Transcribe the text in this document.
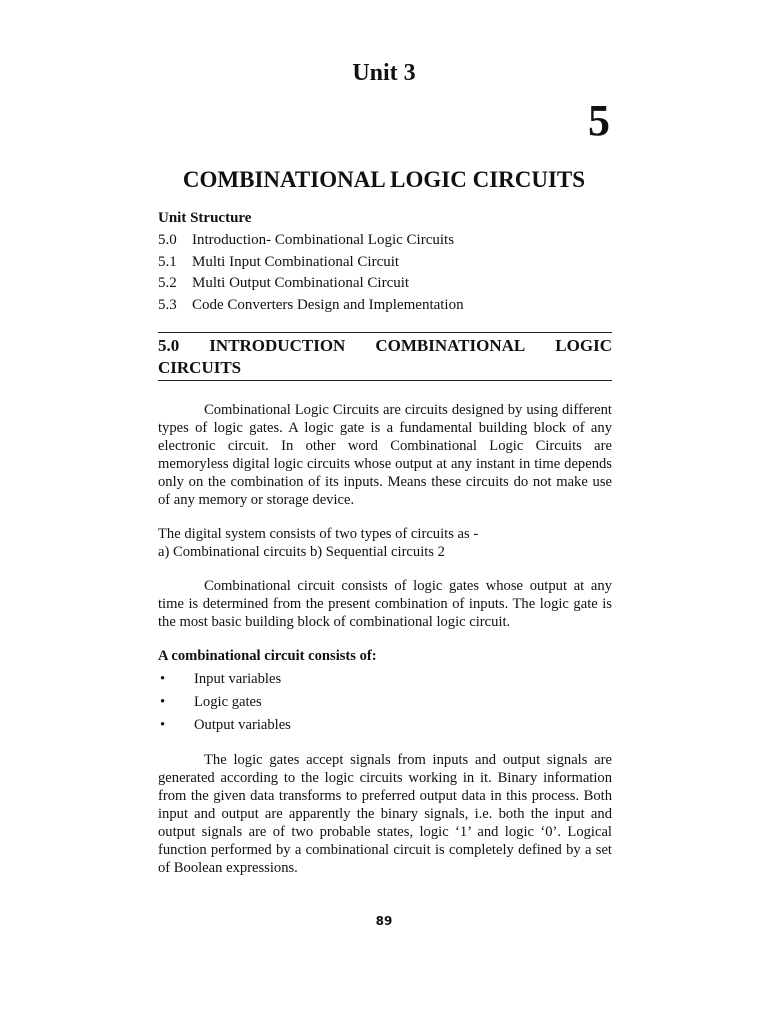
Unit 3
5
COMBINATIONAL LOGIC CIRCUITS
Unit Structure
5.0	Introduction- Combinational Logic Circuits
5.1	Multi Input Combinational Circuit
5.2	Multi Output Combinational Circuit
5.3	Code Converters Design and Implementation
5.0 INTRODUCTION COMBINATIONAL LOGIC
CIRCUITS

Combinational Logic Circuits are circuits designed by using different types of logic gates. A logic gate is a fundamental building block of any electronic circuit. In other word Combinational Logic Circuits are memoryless digital logic circuits whose output at any instant in time depends only on the combination of its inputs. Means these circuits do not make use of any memory or storage device.

The digital system consists of two types of circuits as -

a) Combinational circuits b) Sequential circuits 2

Combinational circuit consists of logic gates whose output at any time is determined from the present combination of inputs. The logic gate is the most basic building block of combinational logic circuit.

A combinational circuit consists of:
•	Input variables
•	Logic gates
•	Output variables

The logic gates accept signals from inputs and output signals are generated according to the logic circuits working in it. Binary information from the given data transforms to preferred output data in this process. Both input and output are apparently the binary signals, i.e. both the input and output signals are of two probable states, logic ‘1’ and logic ‘0’. Logical function performed by a combinational circuit is completely defined by a set of Boolean expressions.

89
